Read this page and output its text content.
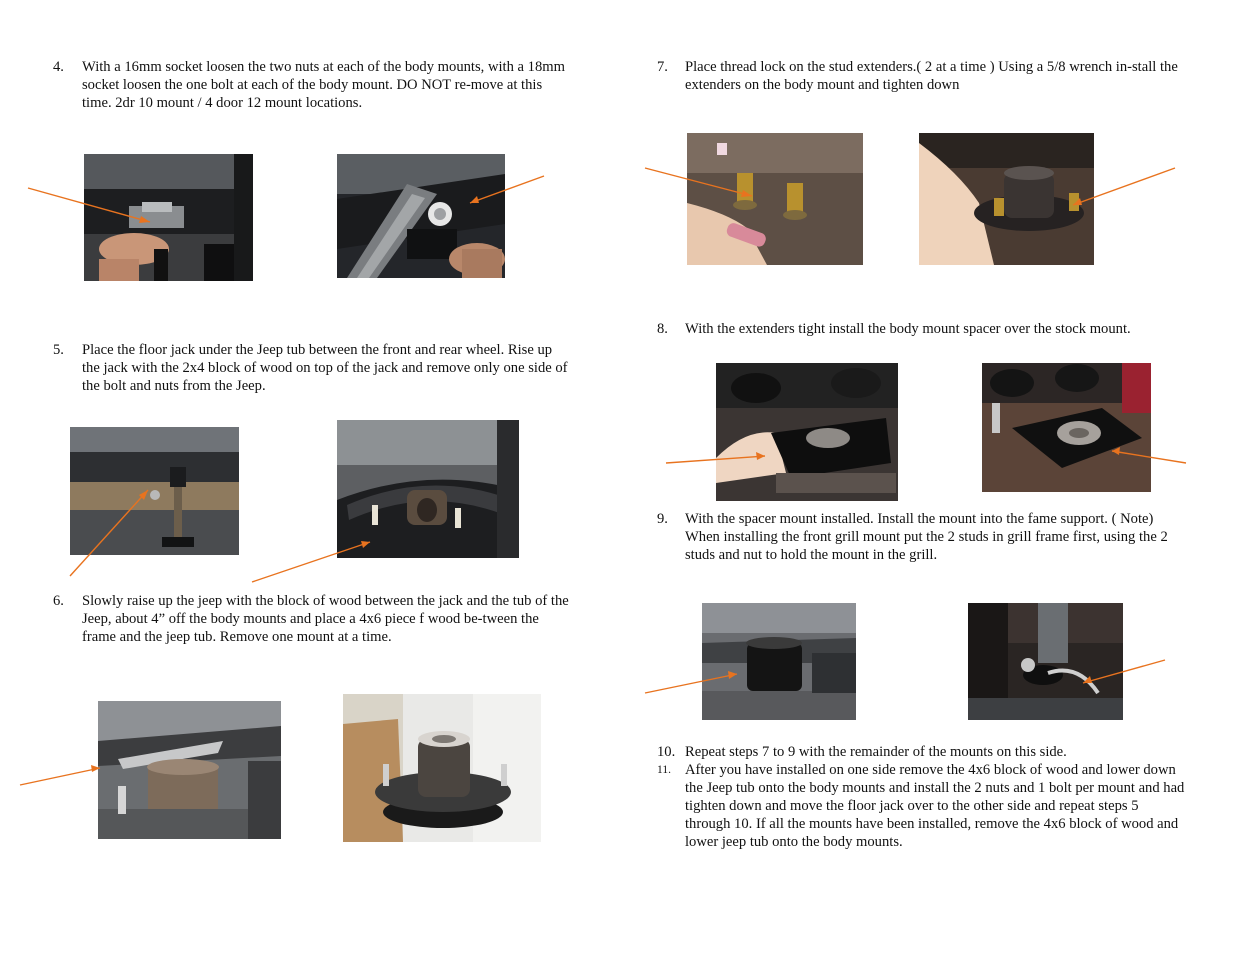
4. With a 16mm socket loosen the two nuts at each of the body mounts, with a 18mm socket loosen the one bolt at each of the body mount. DO NOT re-move at this time. 2dr 10 mount / 4 door 12 mount locations.
5. Place the floor jack under the Jeep tub between the front and rear wheel. Rise up the jack with the 2x4 block of wood on top of the jack and remove only one side of the bolt and nuts from the Jeep.
6. Slowly raise up the jeep with the block of wood between the jack and the tub of the Jeep, about 4” off the body mounts and place a 4x6 piece f wood be-tween the frame and the jeep tub. Remove one mount at a time.
7. Place thread lock on the stud extenders.( 2 at a time ) Using a 5/8 wrench in-stall the extenders on the body mount and tighten down
8. With the extenders tight install the body mount spacer over the stock mount.
9. With the spacer mount installed. Install the mount into the fame support. ( Note) When installing the front grill mount put the 2 studs in grill frame first, using the 2 studs and nut to hold the mount in the grill.
10. Repeat steps 7 to 9 with the remainder of the mounts on this side.
11. After you have installed on one side remove the 4x6 block of wood and lower down the Jeep tub onto the body mounts and install the 2 nuts and 1 bolt per mount and had tighten down and move the floor jack over to the other side and repeat steps 5 through 10. If all the mounts have been installed, remove the 4x6 block of wood and lower jeep tub onto the body mounts.
